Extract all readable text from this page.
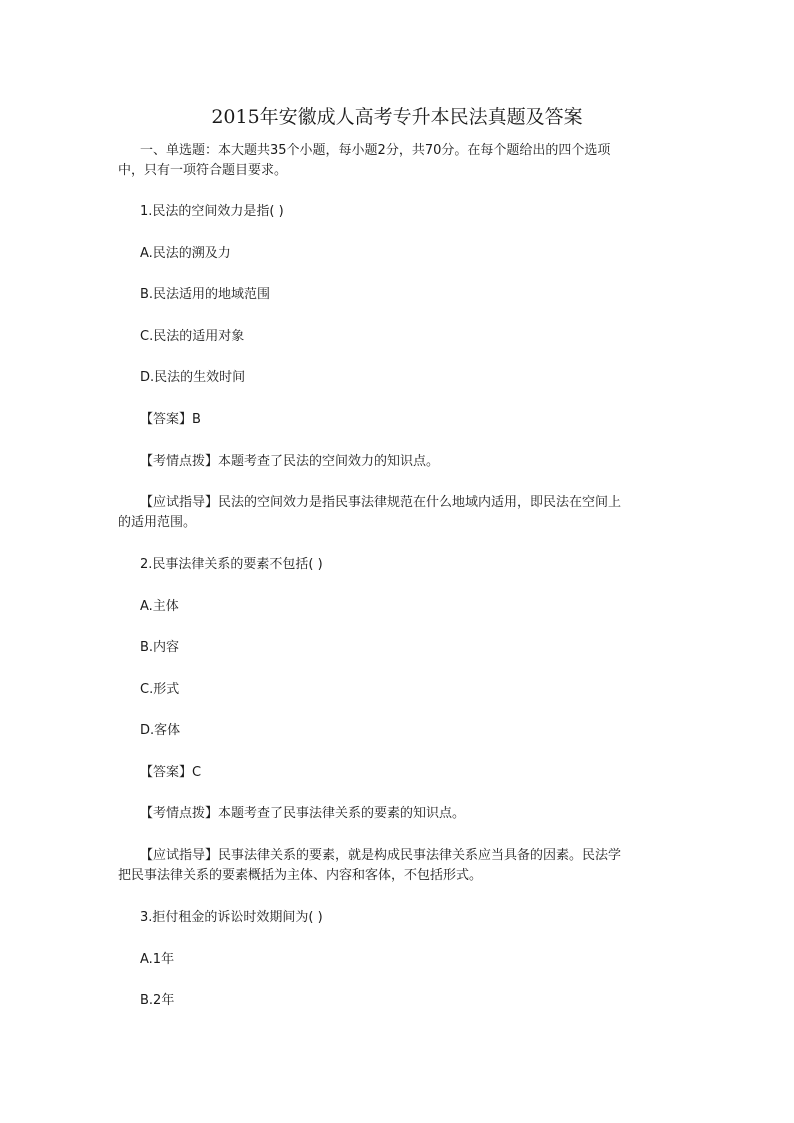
2015年安徽成人高考专升本民法真题及答案
一、单选题：本大题共35个小题，每小题2分，共70分。在每个题给出的四个选项
中，只有一项符合题目要求。
1.民法的空间效力是指( )
A.民法的溯及力
B.民法适用的地域范围
C.民法的适用对象
D.民法的生效时间
【答案】B
【考情点拨】本题考查了民法的空间效力的知识点。
【应试指导】民法的空间效力是指民事法律规范在什么地域内适用，即民法在空间上
的适用范围。
2.民事法律关系的要素不包括( )
A.主体
B.内容
C.形式
D.客体
【答案】C
【考情点拨】本题考查了民事法律关系的要素的知识点。
【应试指导】民事法律关系的要素，就是构成民事法律关系应当具备的因素。民法学
把民事法律关系的要素概括为主体、内容和客体，不包括形式。
3.拒付租金的诉讼时效期间为( )
A.1年
B.2年
